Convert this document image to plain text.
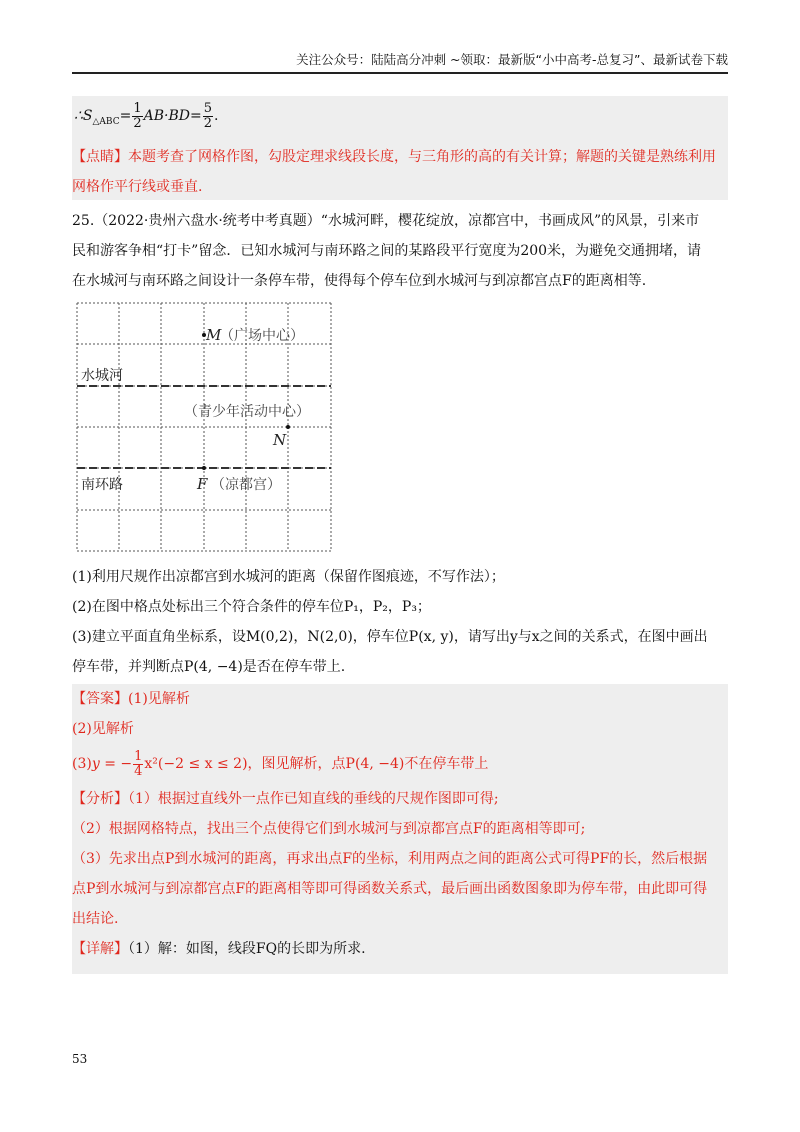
关注公众号：陆陆高分冲刺 ~领取：最新版“小中高考-总复习”、最新试卷下载
$\therefore S_{\triangle ABC}= \frac{1}{2} AB\cdot BD= \frac{5}{2}$ .
【点睛】本题考查了网格作图，勾股定理求线段长度，与三角形的高的有关计算；解题的关键是熟练利用
网格作平行线或垂直.
25.（2022·贵州六盘水·统考中考真题）“水城河畔，樱花绽放，凉都宫中，书画成风”的风景，引来市
民和游客争相“打卡”留念．已知水城河与南环路之间的某路段平行宽度为200米，为避免交通拥堵，请
在水城河与南环路之间设计一条停车带，使得每个停车位到水城河与到凉都宫点F的距离相等.
M
（广场中心）
水城河
（青少年活动中心）
N
南环路	F （凉都宫）
(1)利用尺规作出凉都宫到水城河的距离（保留作图痕迹，不写作法）；
(2)在图中格点处标出三个符合条件的停车位P₁，P₂，P₃；
(3)建立平面直角坐标系，设M(0,2)，N(2,0)，停车位P(x, y)，请写出y与x之间的关系式，在图中画出
停车带，并判断点P(4, −4)是否在停车带上.
【答案】(1)见解析
(2)见解析
(3)y = − $\frac{1}{4} x^2(-2 \le x \le 2)$，图见解析，点P(4, −4)不在停车带上
【分析】（1）根据过直线外一点作已知直线的垂线的尺规作图即可得;
（2）根据网格特点，找出三个点使得它们到水城河与到凉都宫点F的距离相等即可;
（3）先求出点P到水城河的距离，再求出点F的坐标，利用两点之间的距离公式可得PF的长，然后根据
点P到水城河与到凉都宫点F的距离相等即可得函数关系式，最后画出函数图象即为停车带，由此即可得
出结论.
【详解】（1）解：如图，线段FQ的长即为所求.
53
